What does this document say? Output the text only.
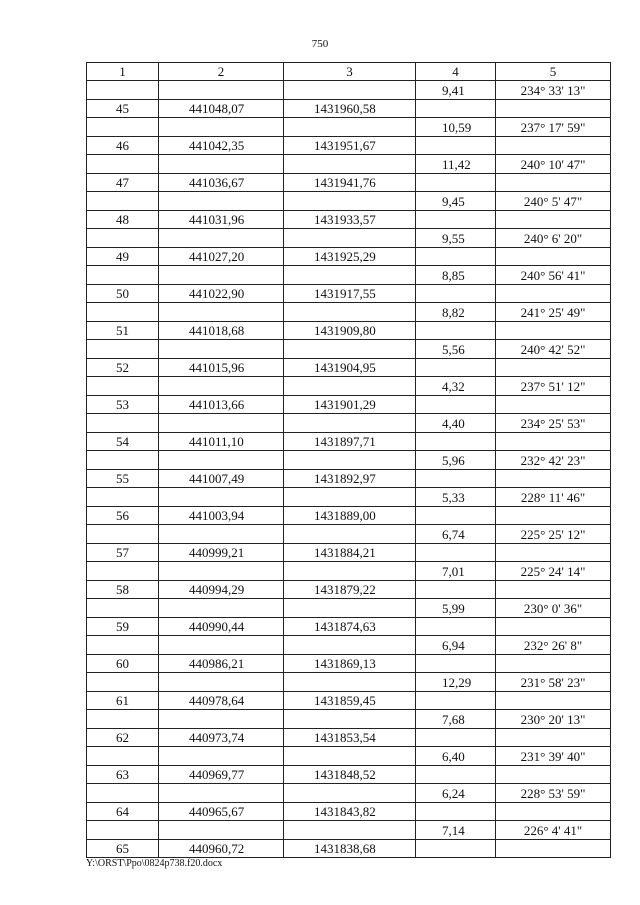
750
1	2	3	4	5
			9,41	234° 33' 13"
45	441048,07	1431960,58		
			10,59	237° 17' 59"
46	441042,35	1431951,67		
			11,42	240° 10' 47"
47	441036,67	1431941,76		
			9,45	240° 5' 47"
48	441031,96	1431933,57		
			9,55	240° 6' 20"
49	441027,20	1431925,29		
			8,85	240° 56' 41"
50	441022,90	1431917,55		
			8,82	241° 25' 49"
51	441018,68	1431909,80		
			5,56	240° 42' 52"
52	441015,96	1431904,95		
			4,32	237° 51' 12"
53	441013,66	1431901,29		
			4,40	234° 25' 53"
54	441011,10	1431897,71		
			5,96	232° 42' 23"
55	441007,49	1431892,97		
			5,33	228° 11' 46"
56	441003,94	1431889,00		
			6,74	225° 25' 12"
57	440999,21	1431884,21		
			7,01	225° 24' 14"
58	440994,29	1431879,22		
			5,99	230° 0' 36"
59	440990,44	1431874,63		
			6,94	232° 26' 8"
60	440986,21	1431869,13		
			12,29	231° 58' 23"
61	440978,64	1431859,45		
			7,68	230° 20' 13"
62	440973,74	1431853,54		
			6,40	231° 39' 40"
63	440969,77	1431848,52		
			6,24	228° 53' 59"
64	440965,67	1431843,82		
			7,14	226° 4' 41"
65	440960,72	1431838,68		
Y:\ORST\Ppo\0824p738.f20.docx
